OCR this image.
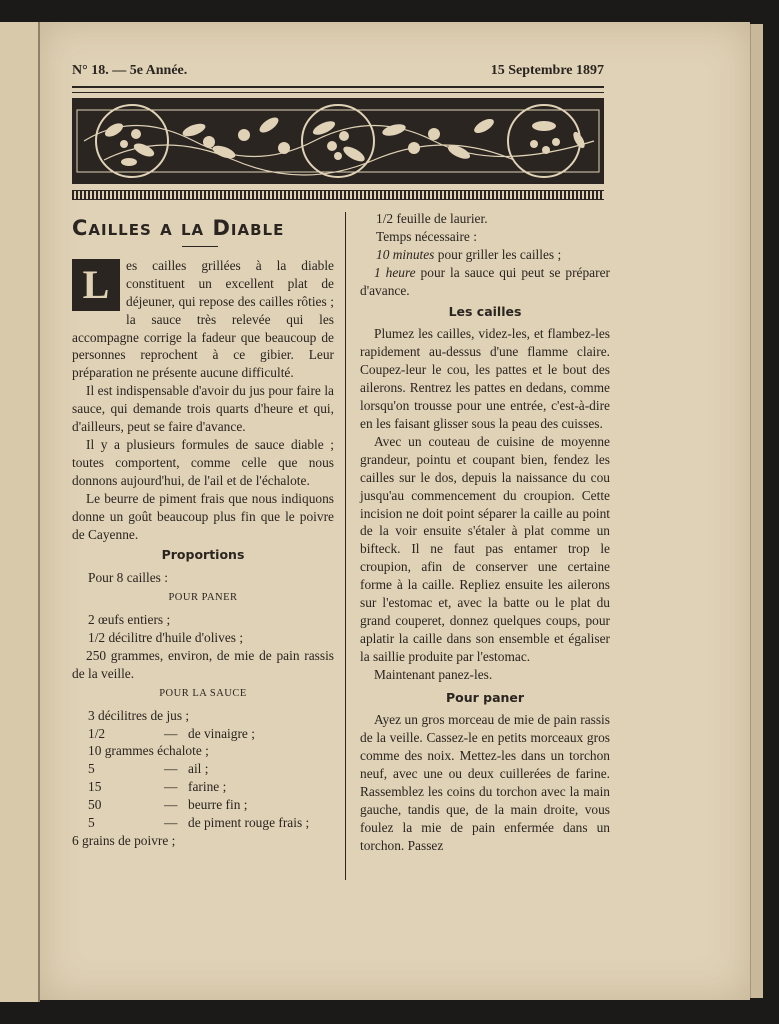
N° 18. — 5e Année.	15 Septembre 1897
Cailles a la Diable
L	es cailles grillées à la diable constituent un excellent plat de déjeuner, qui repose des cailles rôties ; la sauce très relevée qui les accompagne corrige la fadeur que beaucoup de personnes reprochent à ce gibier. Leur préparation ne présente aucune difficulté.

Il est indispensable d'avoir du jus pour faire la sauce, qui demande trois quarts d'heure et qui, d'ailleurs, peut se faire d'avance.

Il y a plusieurs formules de sauce diable ; toutes comportent, comme celle que nous donnons aujourd'hui, de l'ail et de l'échalote.

Le beurre de piment frais que nous indiquons donne un goût beaucoup plus fin que le poivre de Cayenne.

Proportions
Pour 8 cailles :
POUR PANER
2 œufs entiers ;
1/2 décilitre d'huile d'olives ;

250 grammes, environ, de mie de pain rassis de la veille.

POUR LA SAUCE
3 décilitres de jus ;
1/2	— de vinaigre ;
10 grammes échalote ;
5	— ail ;
15	— farine ;
50	— beurre fin ;
5	— de piment rouge frais ;
6 grains de poivre ;
1/2 feuille de laurier.
Temps nécessaire :
10 minutes pour griller les cailles ;

1 heure pour la sauce qui peut se préparer d'avance.

Les cailles

Plumez les cailles, videz-les, et flambez-les rapidement au-dessus d'une flamme claire. Coupez-leur le cou, les pattes et le bout des ailerons. Rentrez les pattes en dedans, comme lorsqu'on trousse pour une entrée, c'est-à-dire en les faisant glisser sous la peau des cuisses.

Avec un couteau de cuisine de moyenne grandeur, pointu et coupant bien, fendez les cailles sur le dos, depuis la naissance du cou jusqu'au commencement du croupion. Cette incision ne doit point séparer la caille au point de la voir ensuite s'étaler à plat comme un bifteck. Il ne faut pas entamer trop le croupion, afin de conserver une certaine forme à la caille. Repliez ensuite les ailerons sur l'estomac et, avec la batte ou le plat du grand couperet, donnez quelques coups, pour aplatir la caille dans son ensemble et égaliser la saillie produite par l'estomac.

Maintenant panez-les.

Pour paner

Ayez un gros morceau de mie de pain rassis de la veille. Cassez-le en petits morceaux gros comme des noix. Mettez-les dans un torchon neuf, avec une ou deux cuillerées de farine. Rassemblez les coins du torchon avec la main gauche, tandis que, de la main droite, vous foulez la mie de pain enfermée dans un torchon. Passez
